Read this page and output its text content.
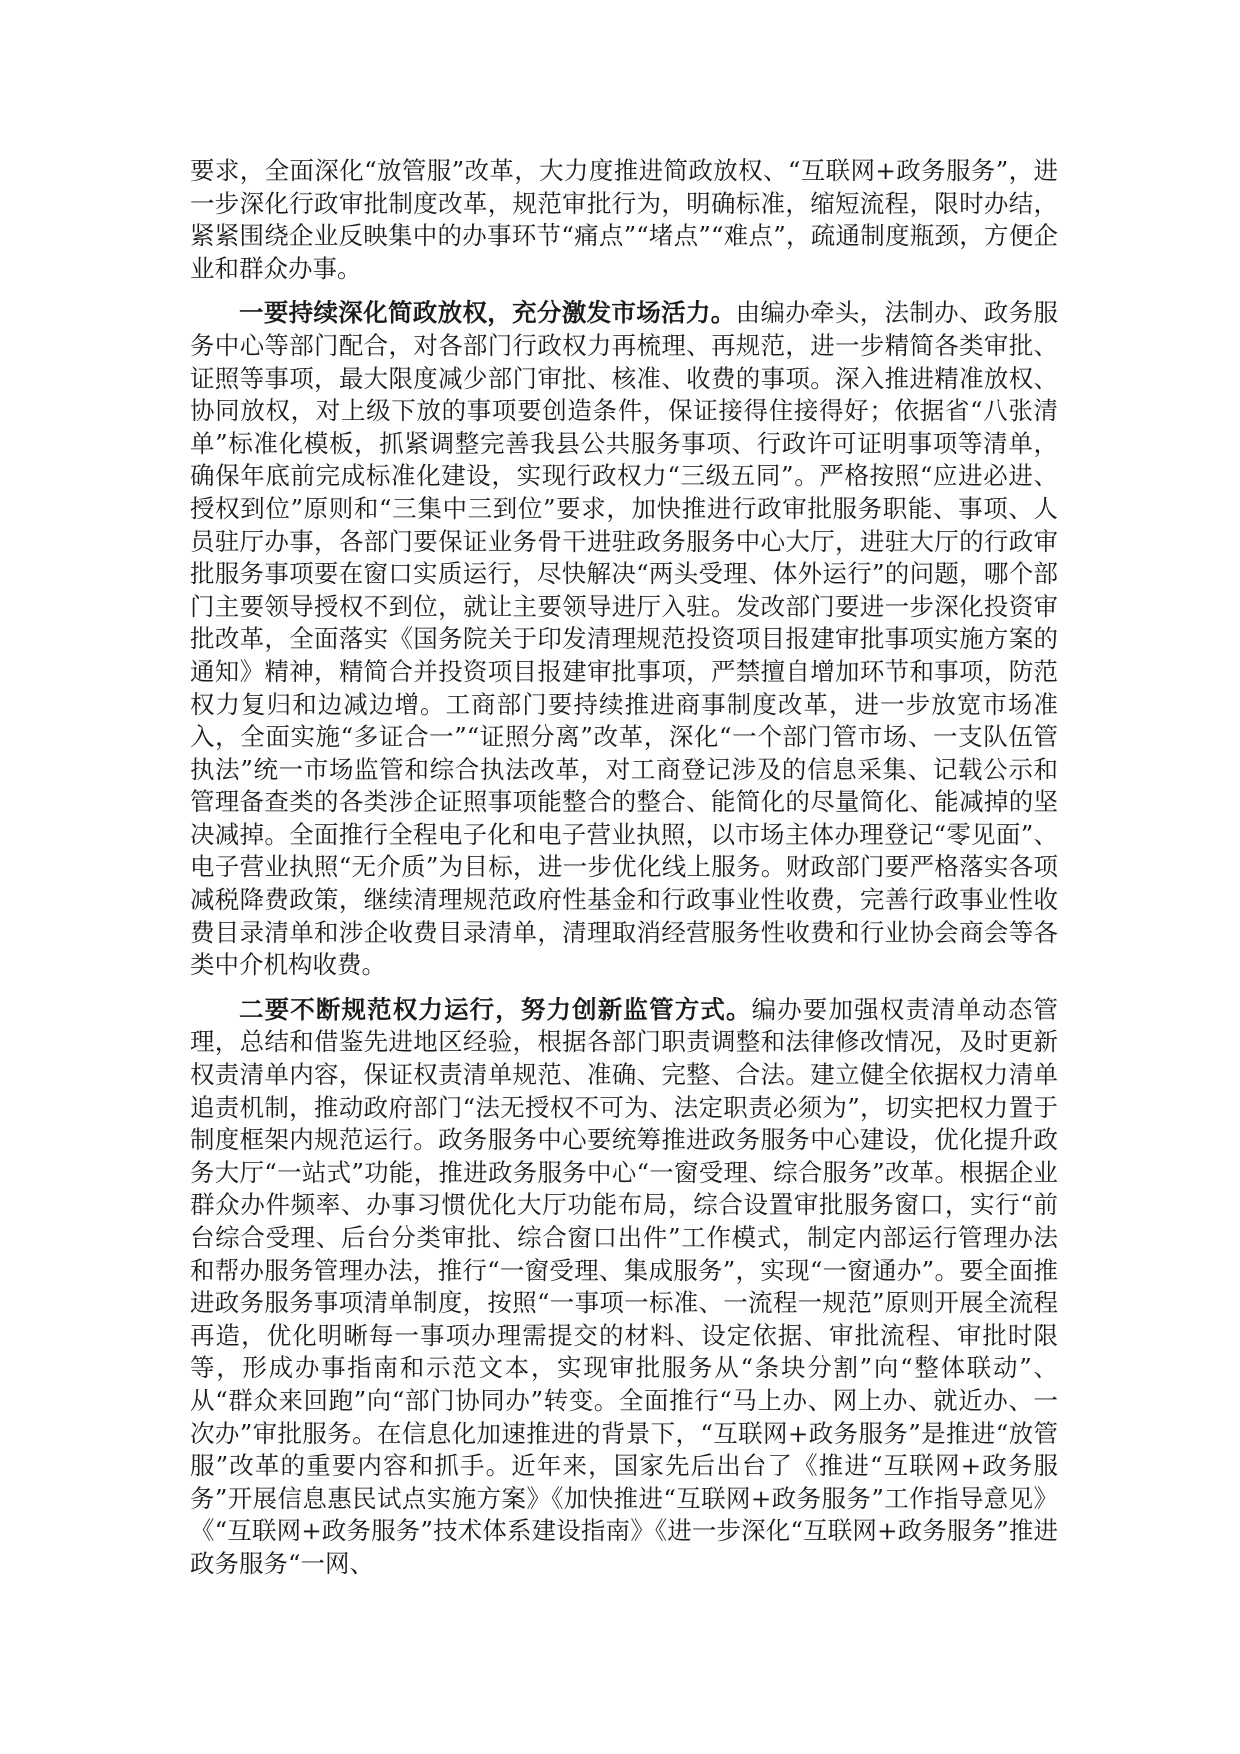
要求，全面深化“放管服”改革，大力度推进简政放权、“互联网+政务服务”，进一步深化行政审批制度改革，规范审批行为，明确标准，缩短流程，限时办结，紧紧围绕企业反映集中的办事环节“痛点”“堵点”“难点”，疏通制度瓶颈，方便企业和群众办事。

一要持续深化简政放权，充分激发市场活力。由编办牵头，法制办、政务服务中心等部门配合，对各部门行政权力再梳理、再规范，进一步精简各类审批、证照等事项，最大限度减少部门审批、核准、收费的事项。深入推进精准放权、协同放权，对上级下放的事项要创造条件，保证接得住接得好；依据省“八张清单”标准化模板，抓紧调整完善我县公共服务事项、行政许可证明事项等清单，确保年底前完成标准化建设，实现行政权力“三级五同”。严格按照“应进必进、授权到位”原则和“三集中三到位”要求，加快推进行政审批服务职能、事项、人员驻厅办事，各部门要保证业务骨干进驻政务服务中心大厅，进驻大厅的行政审批服务事项要在窗口实质运行，尽快解决“两头受理、体外运行”的问题，哪个部门主要领导授权不到位，就让主要领导进厅入驻。发改部门要进一步深化投资审批改革，全面落实《国务院关于印发清理规范投资项目报建审批事项实施方案的通知》精神，精简合并投资项目报建审批事项，严禁擅自增加环节和事项，防范权力复归和边减边增。工商部门要持续推进商事制度改革，进一步放宽市场准入，全面实施“多证合一”“证照分离”改革，深化“一个部门管市场、一支队伍管执法”统一市场监管和综合执法改革，对工商登记涉及的信息采集、记载公示和管理备查类的各类涉企证照事项能整合的整合、能简化的尽量简化、能减掉的坚决减掉。全面推行全程电子化和电子营业执照，以市场主体办理登记“零见面”、电子营业执照“无介质”为目标，进一步优化线上服务。财政部门要严格落实各项减税降费政策，继续清理规范政府性基金和行政事业性收费，完善行政事业性收费目录清单和涉企收费目录清单，清理取消经营服务性收费和行业协会商会等各类中介机构收费。

二要不断规范权力运行，努力创新监管方式。编办要加强权责清单动态管理，总结和借鉴先进地区经验，根据各部门职责调整和法律修改情况，及时更新权责清单内容，保证权责清单规范、准确、完整、合法。建立健全依据权力清单追责机制，推动政府部门“法无授权不可为、法定职责必须为”，切实把权力置于制度框架内规范运行。政务服务中心要统筹推进政务服务中心建设，优化提升政务大厅“一站式”功能，推进政务服务中心“一窗受理、综合服务”改革。根据企业群众办件频率、办事习惯优化大厅功能布局，综合设置审批服务窗口，实行“前台综合受理、后台分类审批、综合窗口出件”工作模式，制定内部运行管理办法和帮办服务管理办法，推行“一窗受理、集成服务”，实现“一窗通办”。要全面推进政务服务事项清单制度，按照“一事项一标准、一流程一规范”原则开展全流程再造，优化明晰每一事项办理需提交的材料、设定依据、审批流程、审批时限等，形成办事指南和示范文本，实现审批服务从“条块分割”向“整体联动”、从“群众来回跑”向“部门协同办”转变。全面推行“马上办、网上办、就近办、一次办”审批服务。在信息化加速推进的背景下，“互联网+政务服务”是推进“放管服”改革的重要内容和抓手。近年来，国家先后出台了《推进“互联网+政务服务”开展信息惠民试点实施方案》《加快推进“互联网+政务服务”工作指导意见》《“互联网+政务服务”技术体系建设指南》《进一步深化“互联网+政务服务”推进政务服务“一网、
